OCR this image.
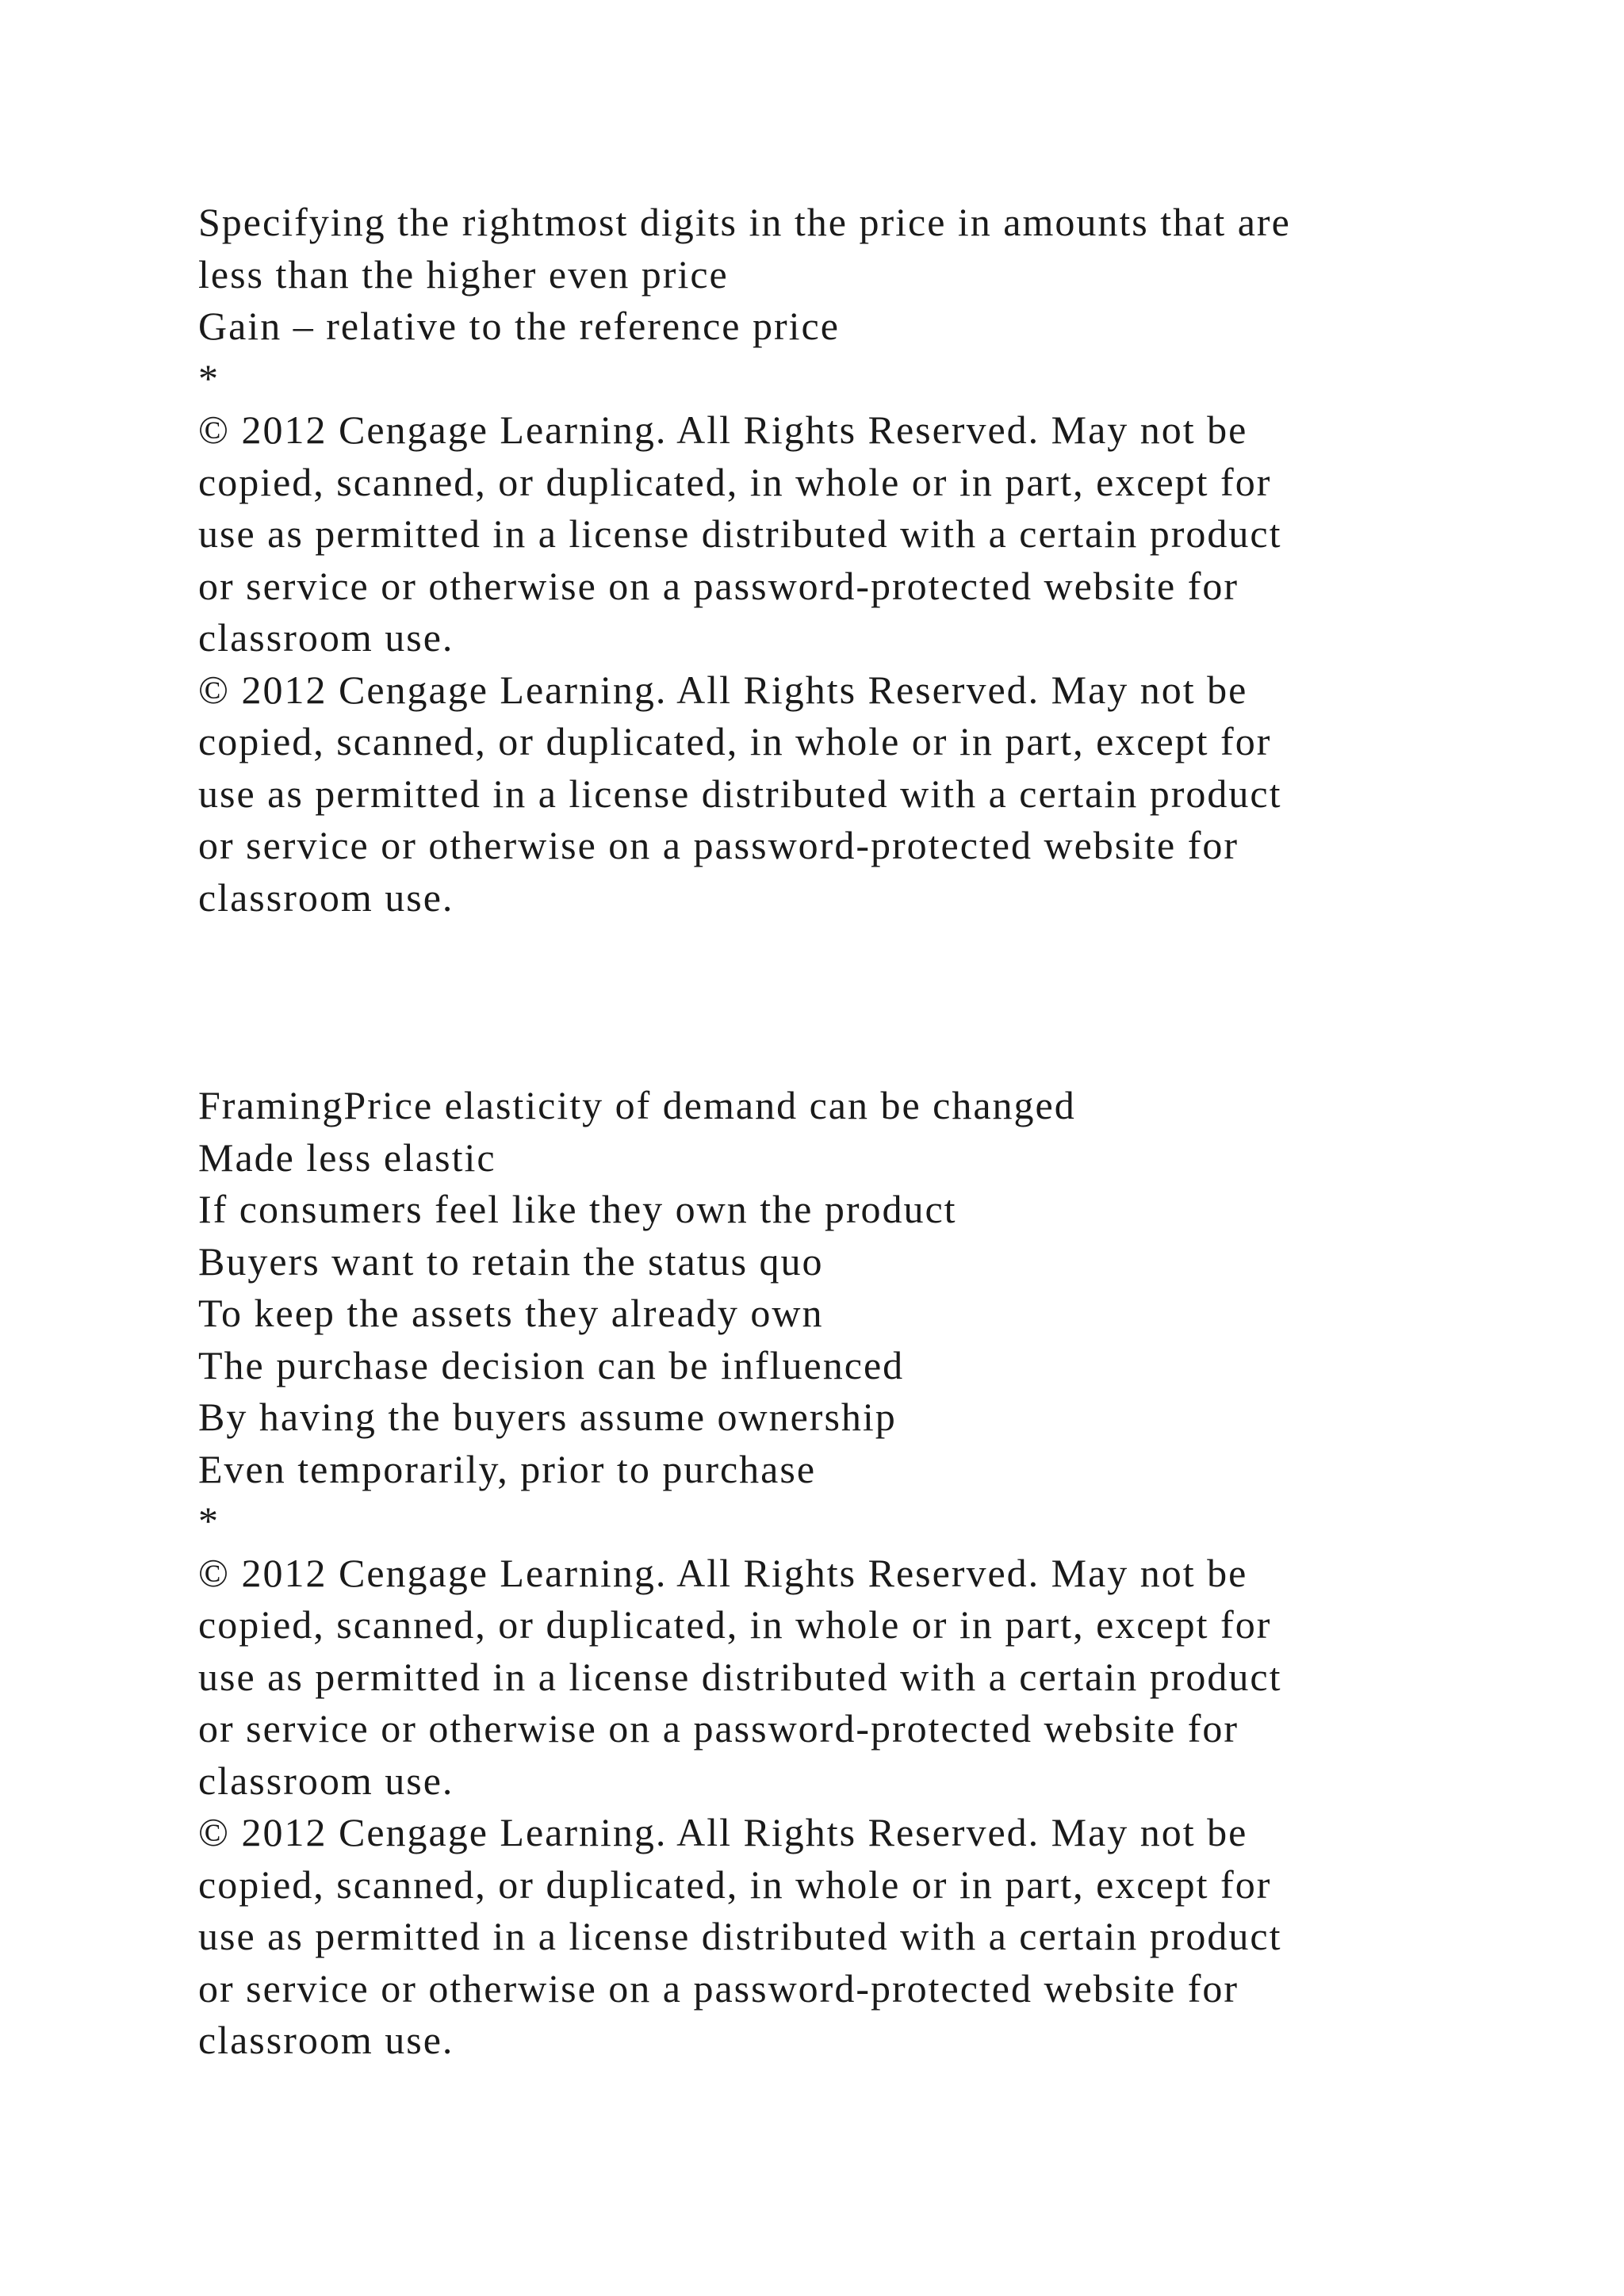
Specifying the rightmost digits in the price in amounts that are
less than the higher even price
Gain – relative to the reference price
*
© 2012 Cengage Learning. All Rights Reserved. May not be
copied, scanned, or duplicated, in whole or in part, except for
use as permitted in a license distributed with a certain product
or service or otherwise on a password-protected website for
classroom use.
© 2012 Cengage Learning. All Rights Reserved. May not be
copied, scanned, or duplicated, in whole or in part, except for
use as permitted in a license distributed with a certain product
or service or otherwise on a password-protected website for
classroom use.
FramingPrice elasticity of demand can be changed
Made less elastic
If consumers feel like they own the product
Buyers want to retain the status quo
To keep the assets they already own
The purchase decision can be influenced
By having the buyers assume ownership
Even temporarily, prior to purchase
*
© 2012 Cengage Learning. All Rights Reserved. May not be
copied, scanned, or duplicated, in whole or in part, except for
use as permitted in a license distributed with a certain product
or service or otherwise on a password-protected website for
classroom use.
© 2012 Cengage Learning. All Rights Reserved. May not be
copied, scanned, or duplicated, in whole or in part, except for
use as permitted in a license distributed with a certain product
or service or otherwise on a password-protected website for
classroom use.
